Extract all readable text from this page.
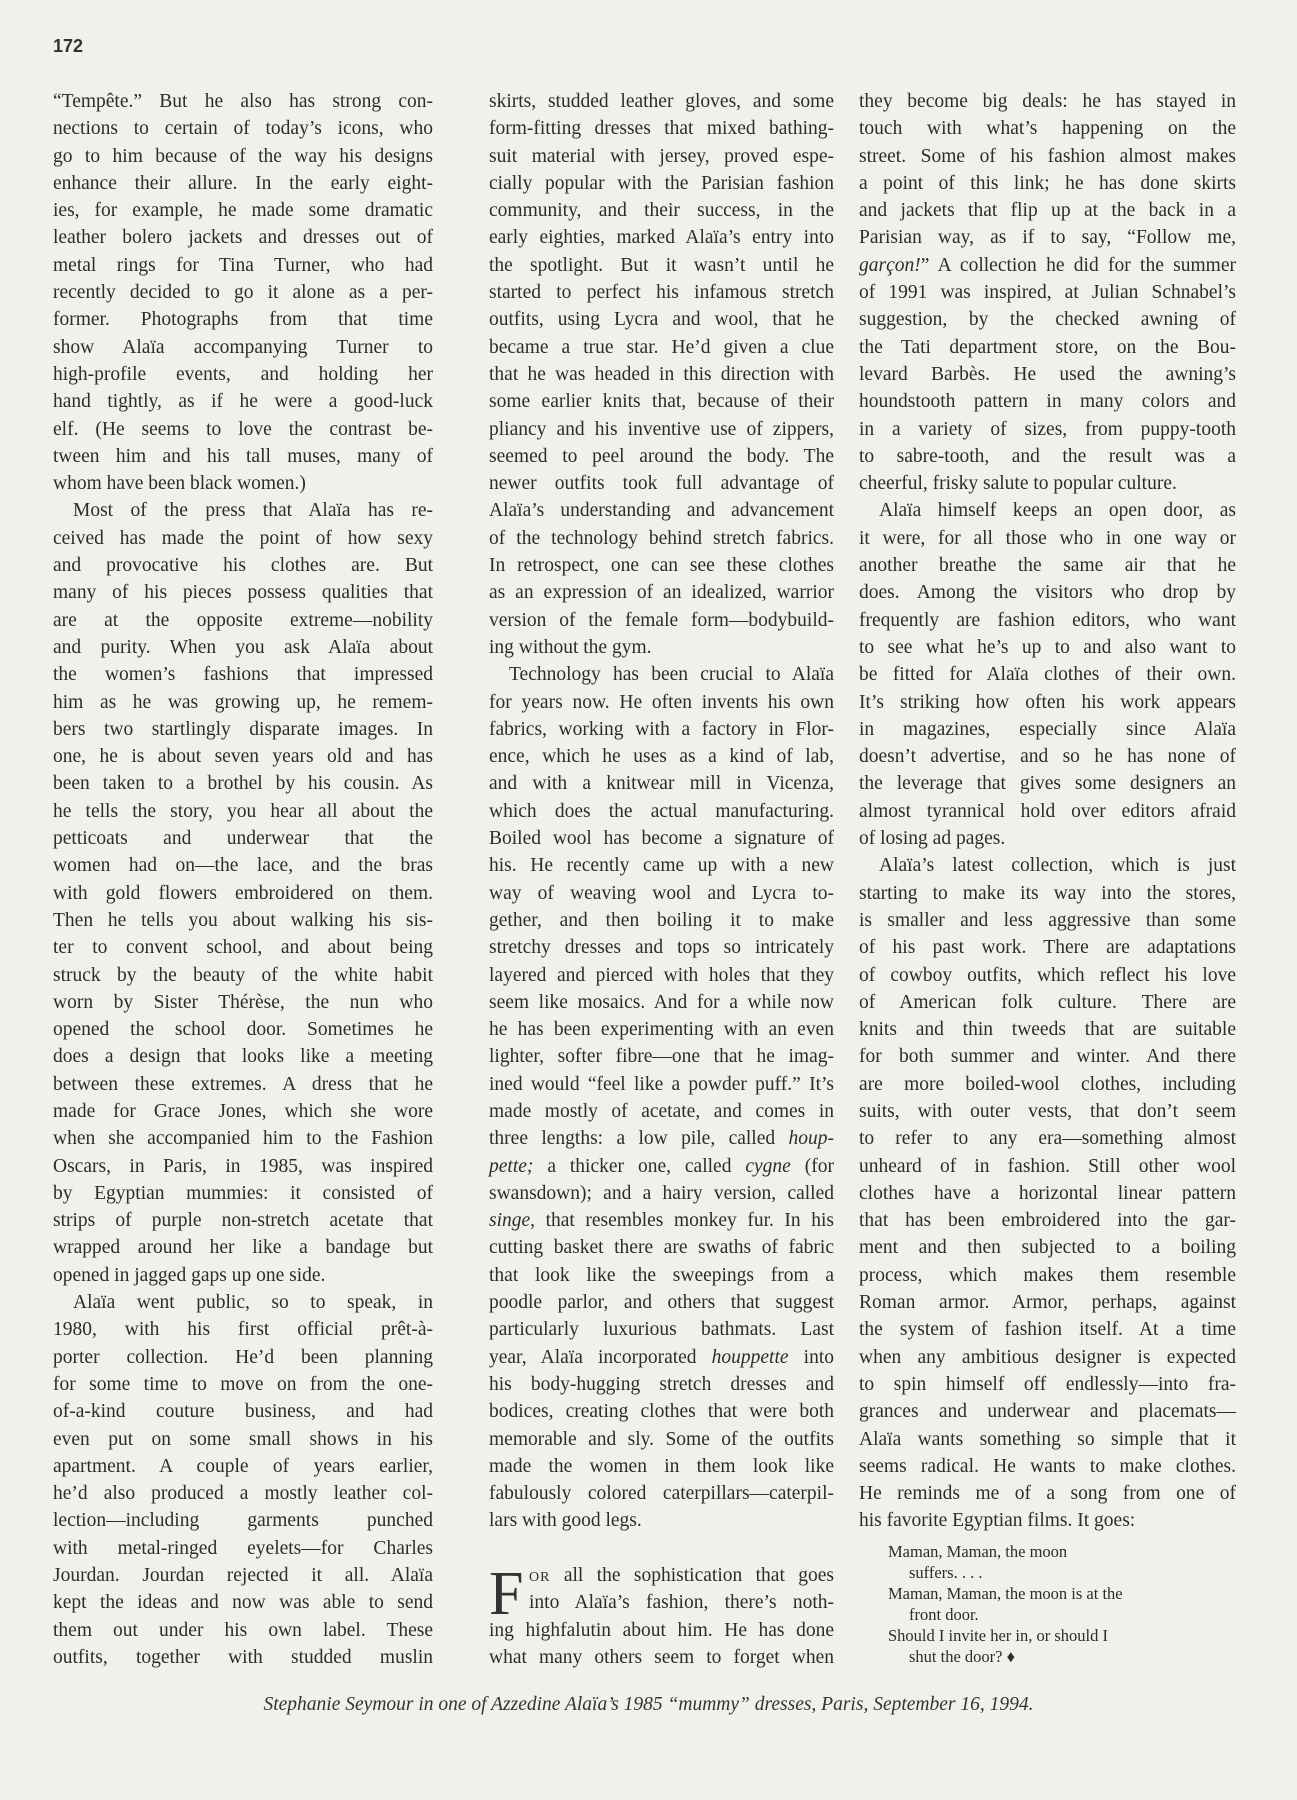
172
“Tempête.” But he also has strong con-
nections to certain of today’s icons, who
go to him because of the way his designs
enhance their allure. In the early eight-
ies, for example, he made some dramatic
leather bolero jackets and dresses out of
metal rings for Tina Turner, who had
recently decided to go it alone as a per-
former. Photographs from that time
show Alaïa accompanying Turner to
high-profile events, and holding her
hand tightly, as if he were a good-luck
elf. (He seems to love the contrast be-
tween him and his tall muses, many of
whom have been black women.)
Most of the press that Alaïa has re-
ceived has made the point of how sexy
and provocative his clothes are. But
many of his pieces possess qualities that
are at the opposite extreme—nobility
and purity. When you ask Alaïa about
the women’s fashions that impressed
him as he was growing up, he remem-
bers two startlingly disparate images. In
one, he is about seven years old and has
been taken to a brothel by his cousin. As
he tells the story, you hear all about the
petticoats and underwear that the
women had on—the lace, and the bras
with gold flowers embroidered on them.
Then he tells you about walking his sis-
ter to convent school, and about being
struck by the beauty of the white habit
worn by Sister Thérèse, the nun who
opened the school door. Sometimes he
does a design that looks like a meeting
between these extremes. A dress that he
made for Grace Jones, which she wore
when she accompanied him to the Fashion
Oscars, in Paris, in 1985, was inspired
by Egyptian mummies: it consisted of
strips of purple non-stretch acetate that
wrapped around her like a bandage but
opened in jagged gaps up one side.
Alaïa went public, so to speak, in
1980, with his first official prêt-à-
porter collection. He’d been planning
for some time to move on from the one-
of-a-kind couture business, and had
even put on some small shows in his
apartment. A couple of years earlier,
he’d also produced a mostly leather col-
lection—including garments punched
with metal-ringed eyelets—for Charles
Jourdan. Jourdan rejected it all. Alaïa
kept the ideas and now was able to send
them out under his own label. These
outfits, together with studded muslin
skirts, studded leather gloves, and some
form-fitting dresses that mixed bathing-
suit material with jersey, proved espe-
cially popular with the Parisian fashion
community, and their success, in the
early eighties, marked Alaïa’s entry into
the spotlight. But it wasn’t until he
started to perfect his infamous stretch
outfits, using Lycra and wool, that he
became a true star. He’d given a clue
that he was headed in this direction with
some earlier knits that, because of their
pliancy and his inventive use of zippers,
seemed to peel around the body. The
newer outfits took full advantage of
Alaïa’s understanding and advancement
of the technology behind stretch fabrics.
In retrospect, one can see these clothes
as an expression of an idealized, warrior
version of the female form—bodybuild-
ing without the gym.
Technology has been crucial to Alaïa
for years now. He often invents his own
fabrics, working with a factory in Flor-
ence, which he uses as a kind of lab,
and with a knitwear mill in Vicenza,
which does the actual manufacturing.
Boiled wool has become a signature of
his. He recently came up with a new
way of weaving wool and Lycra to-
gether, and then boiling it to make
stretchy dresses and tops so intricately
layered and pierced with holes that they
seem like mosaics. And for a while now
he has been experimenting with an even
lighter, softer fibre—one that he imag-
ined would “feel like a powder puff.” It’s
made mostly of acetate, and comes in
three lengths: a low pile, called houp-
pette; a thicker one, called cygne (for
swansdown); and a hairy version, called
singe, that resembles monkey fur. In his
cutting basket there are swaths of fabric
that look like the sweepings from a
poodle parlor, and others that suggest
particularly luxurious bathmats. Last
year, Alaïa incorporated houppette into
his body-hugging stretch dresses and
bodices, creating clothes that were both
memorable and sly. Some of the outfits
made the women in them look like
fabulously colored caterpillars—caterpil-
lars with good legs.
F OR all the sophistication that goes
into Alaïa’s fashion, there’s noth-
ing highfalutin about him. He has done
what many others seem to forget when
they become big deals: he has stayed in
touch with what’s happening on the
street. Some of his fashion almost makes
a point of this link; he has done skirts
and jackets that flip up at the back in a
Parisian way, as if to say, “Follow me,
garçon!” A collection he did for the summer
of 1991 was inspired, at Julian Schnabel’s
suggestion, by the checked awning of
the Tati department store, on the Bou-
levard Barbès. He used the awning’s
houndstooth pattern in many colors and
in a variety of sizes, from puppy-tooth
to sabre-tooth, and the result was a
cheerful, frisky salute to popular culture.
Alaïa himself keeps an open door, as
it were, for all those who in one way or
another breathe the same air that he
does. Among the visitors who drop by
frequently are fashion editors, who want
to see what he’s up to and also want to
be fitted for Alaïa clothes of their own.
It’s striking how often his work appears
in magazines, especially since Alaïa
doesn’t advertise, and so he has none of
the leverage that gives some designers an
almost tyrannical hold over editors afraid
of losing ad pages.
Alaïa’s latest collection, which is just
starting to make its way into the stores,
is smaller and less aggressive than some
of his past work. There are adaptations
of cowboy outfits, which reflect his love
of American folk culture. There are
knits and thin tweeds that are suitable
for both summer and winter. And there
are more boiled-wool clothes, including
suits, with outer vests, that don’t seem
to refer to any era—something almost
unheard of in fashion. Still other wool
clothes have a horizontal linear pattern
that has been embroidered into the gar-
ment and then subjected to a boiling
process, which makes them resemble
Roman armor. Armor, perhaps, against
the system of fashion itself. At a time
when any ambitious designer is expected
to spin himself off endlessly—into fra-
grances and underwear and placemats—
Alaïa wants something so simple that it
seems radical. He wants to make clothes.
He reminds me of a song from one of
his favorite Egyptian films. It goes:
Maman, Maman, the moon
suffers. . . .
Maman, Maman, the moon is at the
front door.
Should I invite her in, or should I
shut the door? ♦
Stephanie Seymour in one of Azzedine Alaïa’s 1985 “mummy” dresses, Paris, September 16, 1994.
